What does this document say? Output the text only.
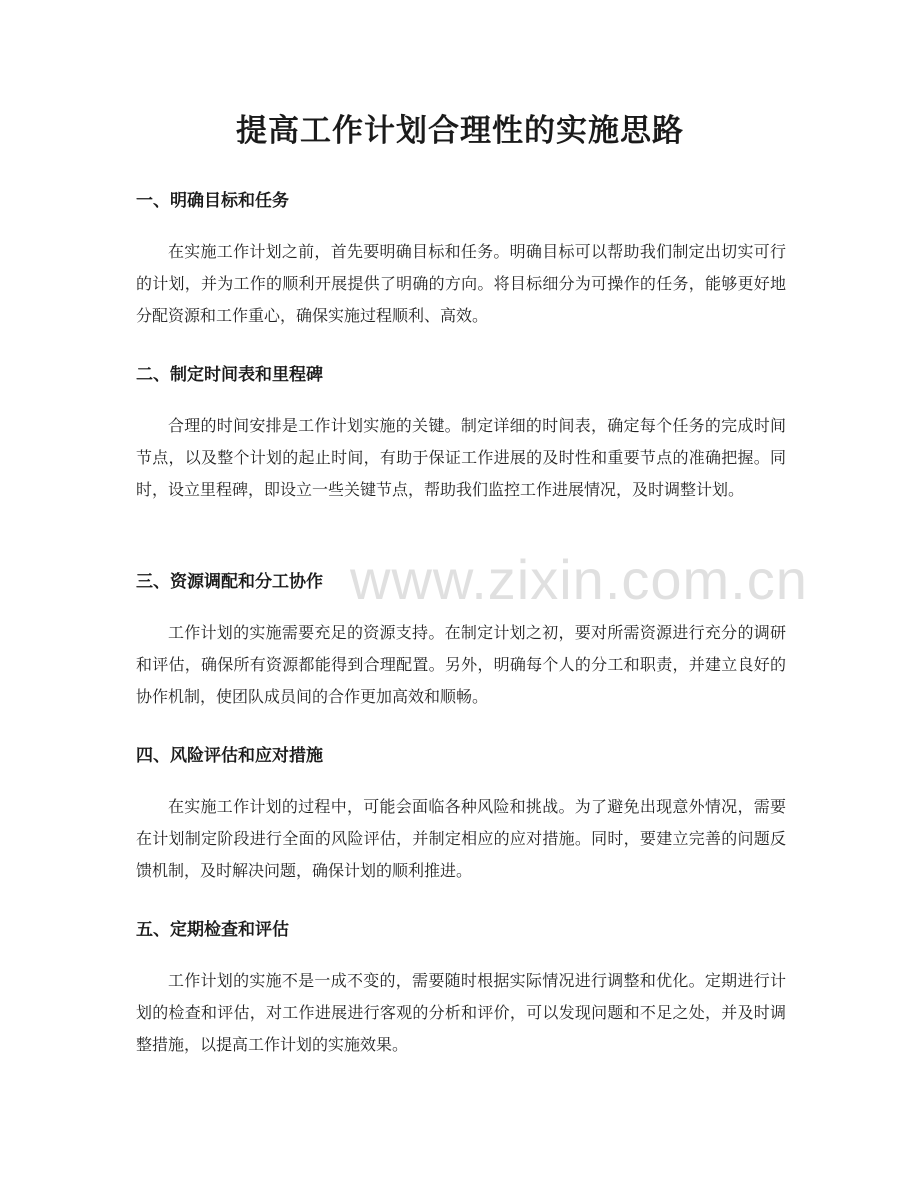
提高工作计划合理性的实施思路
一、明确目标和任务

在实施工作计划之前，首先要明确目标和任务。明确目标可以帮助我们制定出切实可行的计划，并为工作的顺利开展提供了明确的方向。将目标细分为可操作的任务，能够更好地分配资源和工作重心，确保实施过程顺利、高效。

二、制定时间表和里程碑

合理的时间安排是工作计划实施的关键。制定详细的时间表，确定每个任务的完成时间节点，以及整个计划的起止时间，有助于保证工作进展的及时性和重要节点的准确把握。同时，设立里程碑，即设立一些关键节点，帮助我们监控工作进展情况，及时调整计划。

三、资源调配和分工协作

工作计划的实施需要充足的资源支持。在制定计划之初，要对所需资源进行充分的调研和评估，确保所有资源都能得到合理配置。另外，明确每个人的分工和职责，并建立良好的协作机制，使团队成员间的合作更加高效和顺畅。

四、风险评估和应对措施

在实施工作计划的过程中，可能会面临各种风险和挑战。为了避免出现意外情况，需要在计划制定阶段进行全面的风险评估，并制定相应的应对措施。同时，要建立完善的问题反馈机制，及时解决问题，确保计划的顺利推进。

五、定期检查和评估

工作计划的实施不是一成不变的，需要随时根据实际情况进行调整和优化。定期进行计划的检查和评估，对工作进展进行客观的分析和评价，可以发现问题和不足之处，并及时调整措施，以提高工作计划的实施效果。

www.zixin.com.cn
